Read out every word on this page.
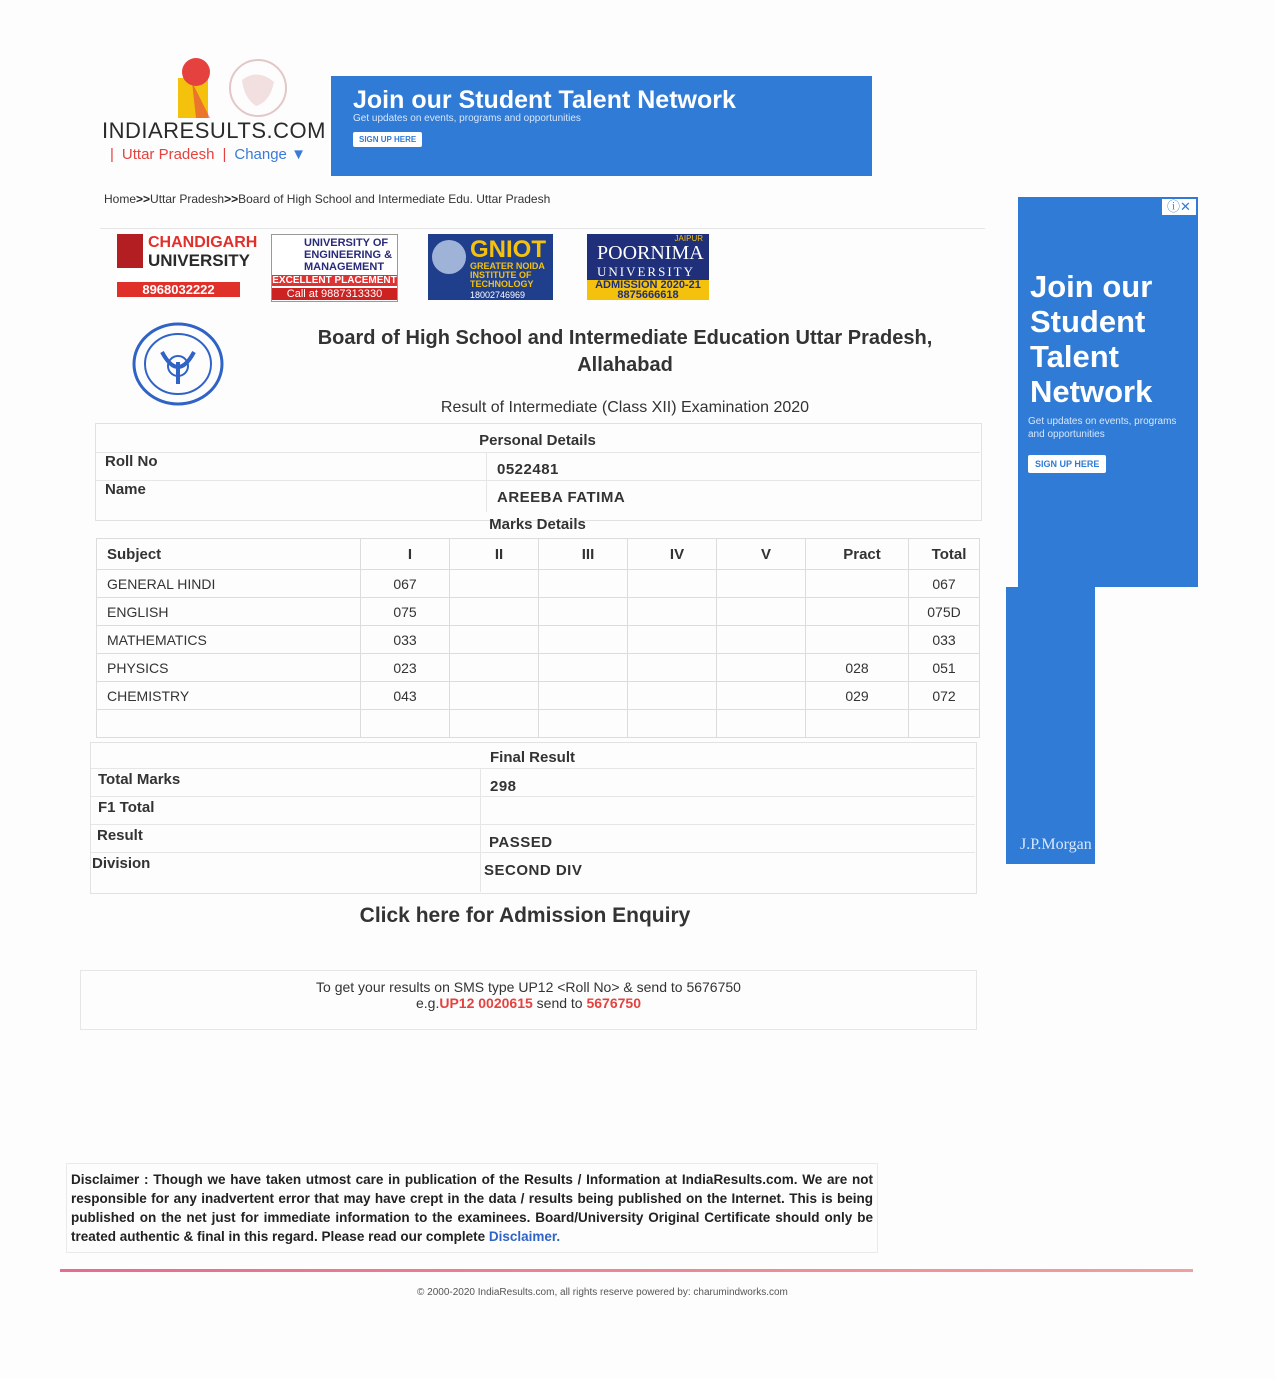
INDIARESULTS.COM
| Uttar Pradesh | Change ▼
Join our Student Talent Network
Get updates on events, programs and opportunities
SIGN UP HERE
Home>>Uttar Pradesh>>Board of High School and Intermediate Edu. Uttar Pradesh
CHANDIGARH
UNIVERSITY
8968032222
UNIVERSITY OF
ENGINEERING &
MANAGEMENT
EXCELLENT PLACEMENT
Call at 9887313330
GNIOT
GREATER NOIDA
INSTITUTE OF
TECHNOLOGY
18002746969
JAIPUR
POORNIMA
UNIVERSITY
ADMISSION 2020-21
8875666618
Board of High School and Intermediate Education Uttar Pradesh, Allahabad
Result of Intermediate (Class XII) Examination 2020
Personal Details
Roll No	0522481
Name	AREEBA FATIMA
Marks Details
Subject	I	II	III	IV	V	Pract	Total
GENERAL HINDI	067						067
ENGLISH	075						075D
MATHEMATICS	033						033
PHYSICS	023					028	051
CHEMISTRY	043					029	072

Final Result
Total Marks	298
F1 Total
Result	PASSED
Division	SECOND DIV
Click here for Admission Enquiry
To get your results on SMS type UP12 <Roll No> & send to 5676750
e.g.UP12 0020615 send to 5676750
Disclaimer : Though we have taken utmost care in publication of the Results / Information at IndiaResults.com. We are not responsible for any inadvertent error that may have crept in the data / results being published on the Internet. This is being published on the net just for immediate information to the examinees. Board/University Original Certificate should only be treated authentic & final in this regard. Please read our complete Disclaimer.
© 2000-2020 IndiaResults.com, all rights reserve powered by: charumindworks.com
ⓘ✕
Join our Student Talent Network
Get updates on events, programs and opportunities
SIGN UP HERE
J.P.Morgan
